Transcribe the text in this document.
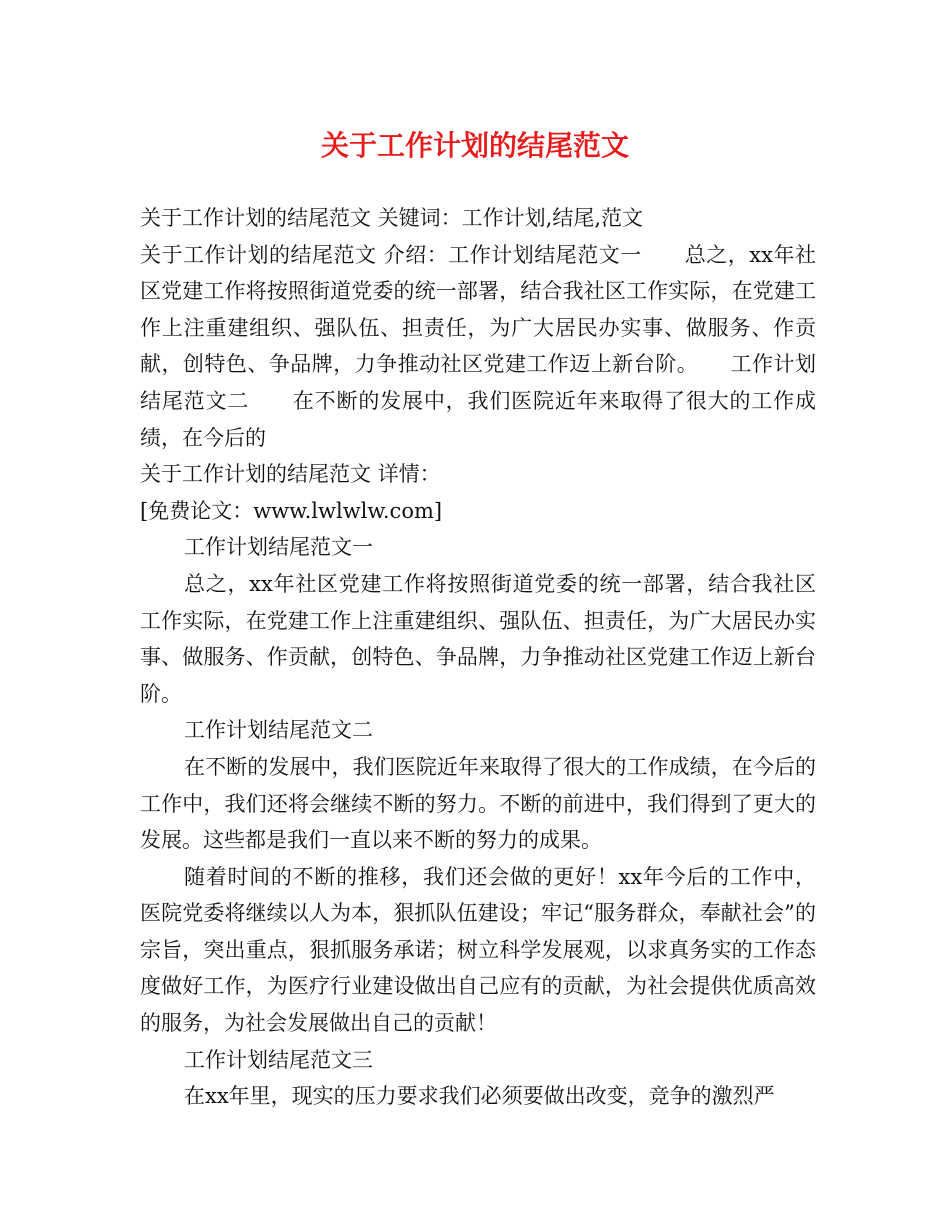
关于工作计划的结尾范文

关于工作计划的结尾范文 关键词：工作计划,结尾,范文

关于工作计划的结尾范文 介绍：工作计划结尾范文一　　总之，xx年社区党建工作将按照街道党委的统一部署，结合我社区工作实际，在党建工作上注重建组织、强队伍、担责任，为广大居民办实事、做服务、作贡献，创特色、争品牌，力争推动社区党建工作迈上新台阶。　　工作计划结尾范文二　　在不断的发展中，我们医院近年来取得了很大的工作成绩，在今后的

关于工作计划的结尾范文 详情：

[免费论文：www.lwlwlw.com]

工作计划结尾范文一

总之，xx年社区党建工作将按照街道党委的统一部署，结合我社区工作实际，在党建工作上注重建组织、强队伍、担责任，为广大居民办实事、做服务、作贡献，创特色、争品牌，力争推动社区党建工作迈上新台阶。

工作计划结尾范文二

在不断的发展中，我们医院近年来取得了很大的工作成绩，在今后的工作中，我们还将会继续不断的努力。不断的前进中，我们得到了更大的发展。这些都是我们一直以来不断的努力的成果。

随着时间的不断的推移，我们还会做的更好！xx年今后的工作中，医院党委将继续以人为本，狠抓队伍建设；牢记“服务群众，奉献社会”的宗旨，突出重点，狠抓服务承诺；树立科学发展观，以求真务实的工作态度做好工作，为医疗行业建设做出自己应有的贡献，为社会提供优质高效的服务，为社会发展做出自己的贡献！

工作计划结尾范文三

在xx年里，现实的压力要求我们必须要做出改变，竞争的激烈严
